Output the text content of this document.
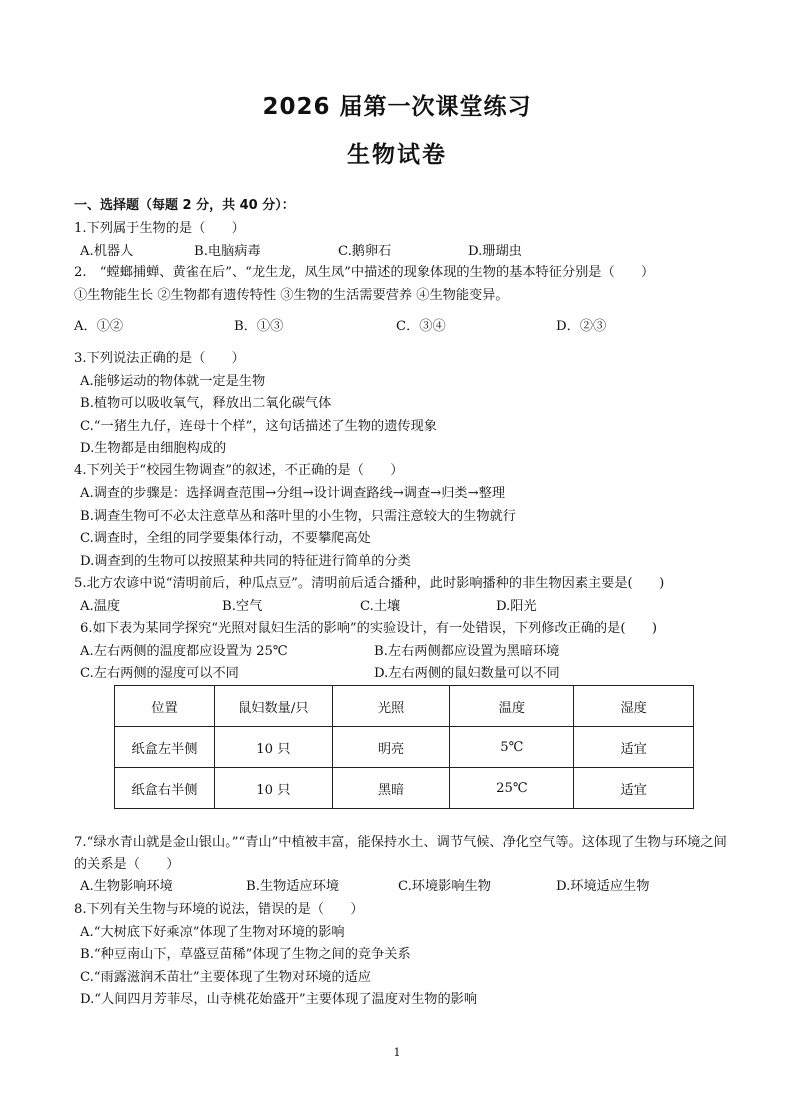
2026 届第一次课堂练习
生物试卷
一、选择题（每题 2 分，共 40 分）：
1.下列属于生物的是（　　）
A.机器人	B.电脑病毒	C.鹅卵石	D.珊瑚虫
2.　“螳螂捕蝉、黄雀在后”、“龙生龙，凤生凤”中描述的现象体现的生物的基本特征分别是（　　）
①生物能生长 ②生物都有遗传特性 ③生物的生活需要营养 ④生物能变异。
A．①②	B．①③	C．③④	D．②③
3.下列说法正确的是（　　）
A.能够运动的物体就一定是生物
B.植物可以吸收氧气，释放出二氧化碳气体
C.“一猪生九仔，连母十个样”，这句话描述了生物的遗传现象
D.生物都是由细胞构成的
4.下列关于“校园生物调查”的叙述，不正确的是（　　）
A.调查的步骤是：选择调查范围→分组→设计调查路线→调查→归类→整理
B.调查生物可不必太注意草丛和落叶里的小生物，只需注意较大的生物就行
C.调查时，全组的同学要集体行动，不要攀爬高处
D.调查到的生物可以按照某种共同的特征进行简单的分类
5.北方农谚中说“清明前后，种瓜点豆”。清明前后适合播种，此时影响播种的非生物因素主要是(　　)
A.温度	B.空气	C.土壤	D.阳光
6.如下表为某同学探究“光照对鼠妇生活的影响”的实验设计，有一处错误，下列修改正确的是(　　)
A.左右两侧的温度都应设置为 25℃	B.左右两侧都应设置为黑暗环境
C.左右两侧的湿度可以不同	D.左右两侧的鼠妇数量可以不同
位置	鼠妇数量/只	光照	温度	湿度
纸盒左半侧	10 只	明亮	5℃	适宜
纸盒右半侧	10 只	黑暗	25℃	适宜
7.“绿水青山就是金山银山。”“青山”中植被丰富，能保持水土、调节气候、净化空气等。这体现了生物与环境之间的关系是（　　）
A.生物影响环境	B.生物适应环境	C.环境影响生物	D.环境适应生物
8.下列有关生物与环境的说法，错误的是（　　）
A.“大树底下好乘凉”体现了生物对环境的影响
B.“种豆南山下，草盛豆苗稀”体现了生物之间的竞争关系
C.“雨露滋润禾苗壮”主要体现了生物对环境的适应
D.“人间四月芳菲尽，山寺桃花始盛开”主要体现了温度对生物的影响
1
